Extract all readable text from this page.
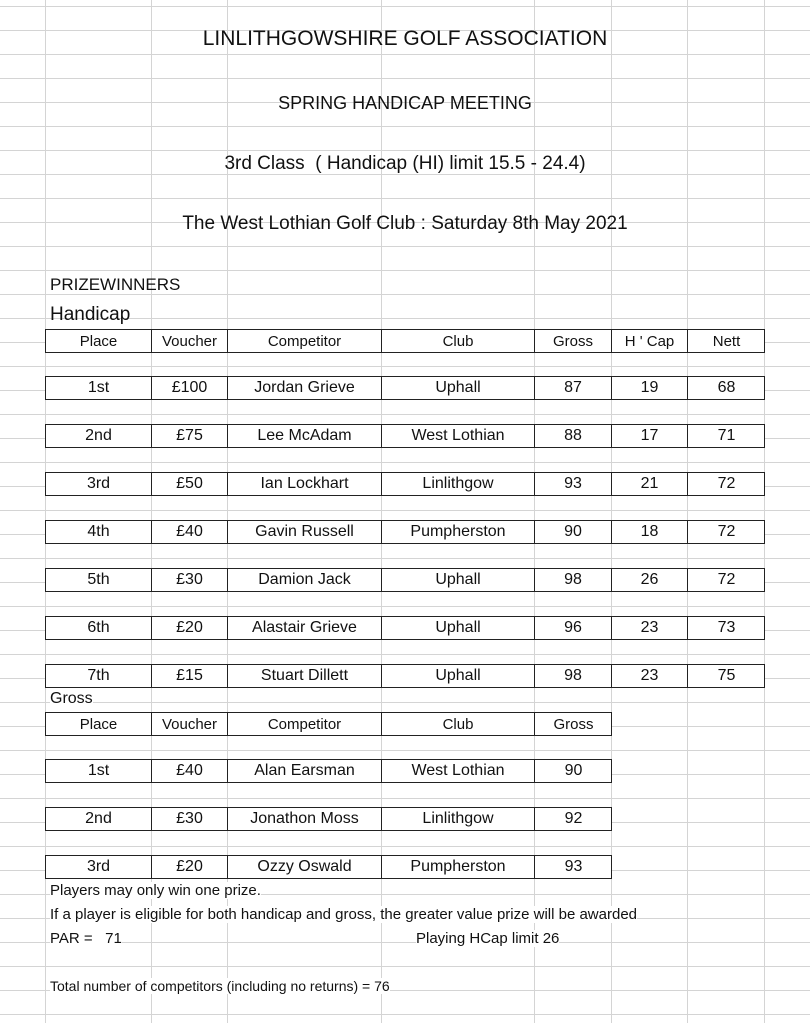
LINLITHGOWSHIRE GOLF ASSOCIATION
SPRING HANDICAP MEETING
3rd Class  ( Handicap (HI) limit 15.5 - 24.4)
The West Lothian Golf Club : Saturday 8th May 2021
PRIZEWINNERS
Handicap
Place	Voucher	Competitor	Club	Gross	H ' Cap	Nett
1st	£100	Jordan Grieve	Uphall	87	19	68
2nd	£75	Lee McAdam	West Lothian	88	17	71
3rd	£50	Ian Lockhart	Linlithgow	93	21	72
4th	£40	Gavin Russell	Pumpherston	90	18	72
5th	£30	Damion Jack	Uphall	98	26	72
6th	£20	Alastair Grieve	Uphall	96	23	73
7th	£15	Stuart Dillett	Uphall	98	23	75
Gross
Place	Voucher	Competitor	Club	Gross
1st	£40	Alan Earsman	West Lothian	90
2nd	£30	Jonathon Moss	Linlithgow	92
3rd	£20	Ozzy Oswald	Pumpherston	93
Players may only win one prize.
If a player is eligible for both handicap and gross, the greater value prize will be awarded
PAR =   71	Playing HCap limit 26
Total number of competitors (including no returns) = 76
